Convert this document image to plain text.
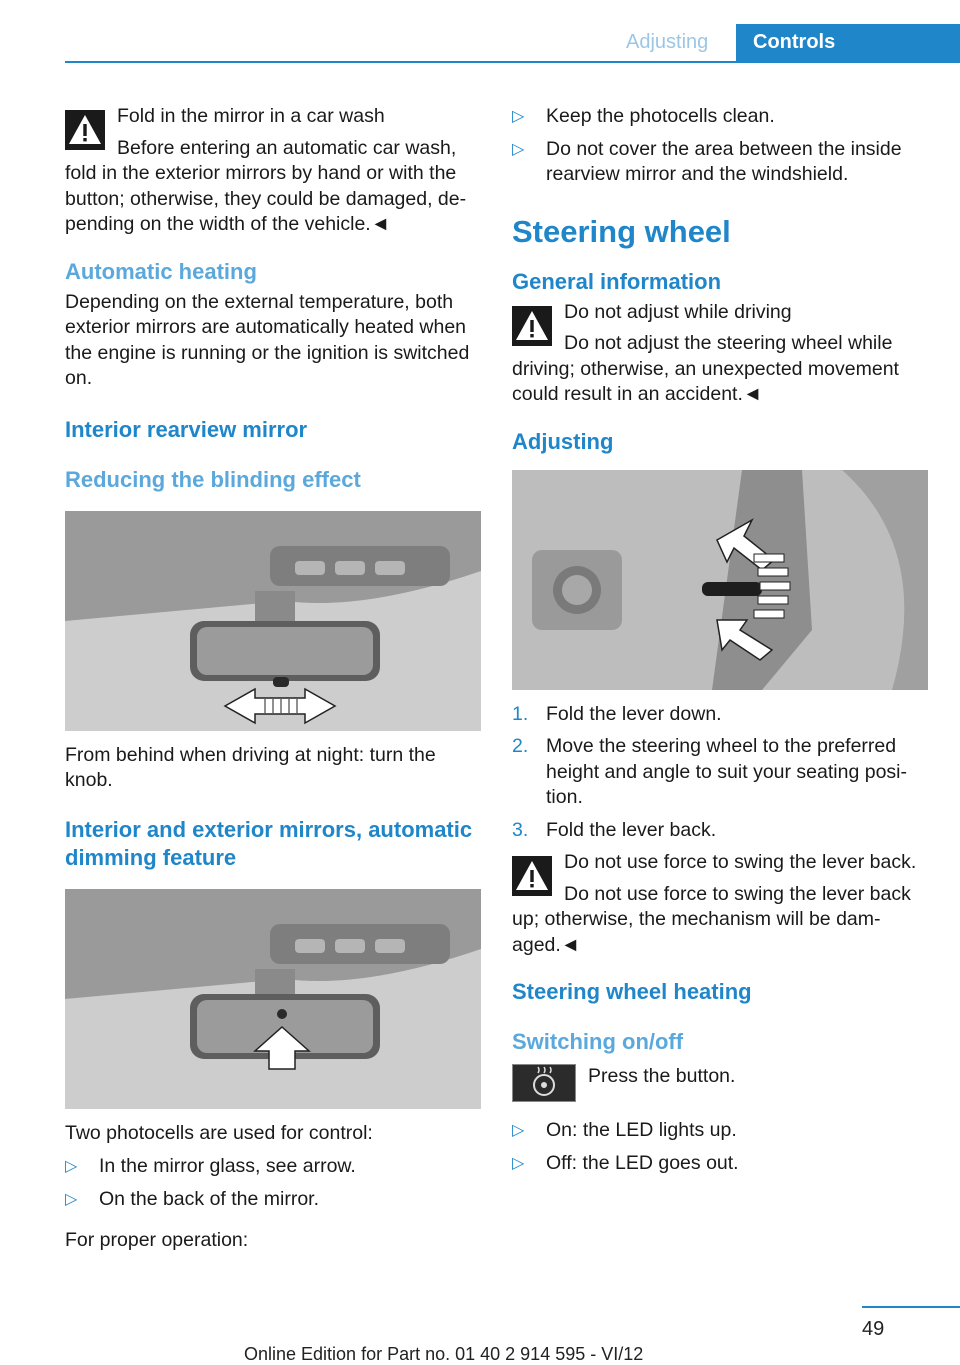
Adjusting	Controls

Fold in the mirror in a car wash

Before entering an automatic car wash, fold in the exterior mirrors by hand or with the button; otherwise, they could be damaged, de-pending on the width of the vehicle.◄

Automatic heating

Depending on the external temperature, both exterior mirrors are automatically heated when the engine is running or the ignition is switched on.

Interior rearview mirror
Reducing the blinding effect

From behind when driving at night: turn the knob.

Interior and exterior mirrors, automatic dimming feature

Two photocells are used for control:

▷ In the mirror glass, see arrow.
▷ On the back of the mirror.

For proper operation:

▷ Keep the photocells clean.
▷ Do not cover the area between the inside rearview mirror and the windshield.
Steering wheel
General information

Do not adjust while driving

Do not adjust the steering wheel while driving; otherwise, an unexpected movement could result in an accident.◄

Adjusting
1. Fold the lever down.
2. Move the steering wheel to the preferred height and angle to suit your seating posi-tion.
3. Fold the lever back.

Do not use force to swing the lever back.

Do not use force to swing the lever back up; otherwise, the mechanism will be dam-aged.◄

Steering wheel heating
Switching on/off

Press the button.

▷ On: the LED lights up.
▷ Off: the LED goes out.
49
Online Edition for Part no. 01 40 2 914 595 - VI/12
